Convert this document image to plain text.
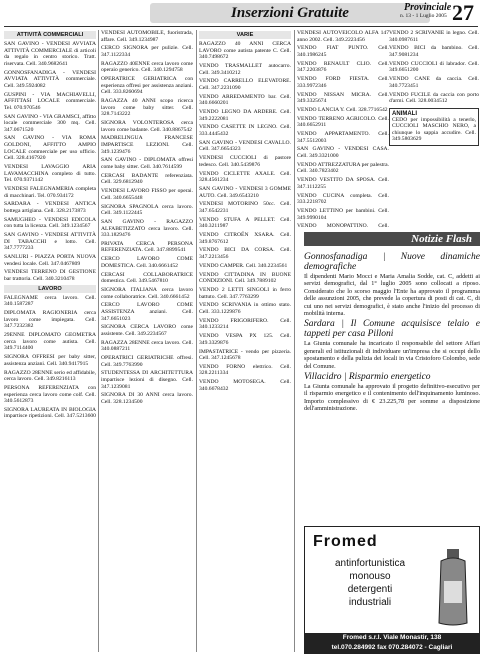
Inserzioni Gratuite	Provinciale
n. 13 - 1 Luglio 2005 27
ATTIVITÀ COMMERCIALI
SAN GAVINO - VENDESI AVVIATA ATTIVITÀ COMMERCIALE di articoli da regalo in centro storico. Tratt. riservata. Cell. 340.9682641
GONNOSFANADIGA - VENDESI AVVIATA ATTIVITÀ commerciale. Cell. 349.5924082
GUSPINI - VIA MACHIAVELLI, AFFITTASI LOCALE commerciale. Tel. 070.970546
SAN GAVINO - VIA GRAMSCI, affitto locale commerciale 300 mq. Cell. 347.0671520
SAN GAVINO - VIA ROMA GOLDONI, AFFITTO AMPIO LOCALE commerciale per uso ufficio. Cell. 328.4167920
VENDESI LAVAGGIO ARIA LAVAMACCHINA completo di tutto. Tel. 070.9371142
VENDESI FALEGNAMERIA completa di macchinari. Tel. 070.934172
SARDARA - VENDESI ANTICA bottega artigiana. Cell. 328.2173873
SAMUGHEO - VENDESI EDICOLA con tutta la licenza. Cell. 349.1234567
SAN GAVINO - VENDESI ATTIVITÀ DI TABACCHI e lotto. Cell. 347.7777233
SANLURI - PIAZZA PORTA NUOVA vendesi locale. Cell. 347.0467809
VENDESI TERRENO DI GESTIONE bar trattoria. Cell. 340.3210478
LAVORO
FALEGNAME cerca lavoro. Cell. 340.1587287
DIPLOMATA RAGIONERIA cerca lavoro come impiegata. Cell. 347.7232382
29ENNE DIPLOMATO GEOMETRA cerca lavoro come autista. Cell. 349.7114400
SIGNORA OFFRESI per baby sitter, assistenza anziani. Cell. 340.9417915
RAGAZZO 28ENNE serio ed affidabile, cerca lavoro. Cell. 349.8216113
PERSONA REFERENZIATA con esperienza cerca lavoro come colf. Cell. 340.5612873
SIGNORA LAUREATA IN BIOLOGIA impartisce ripetizioni. Cell. 347.5213600
VENDESI AUTOMOBILE, fuoristrada, affare. Cell. 349.1234987
CERCO SIGNORA per pulizie. Cell. 347.1122334
RAGAZZO 40ENNE cerca lavoro come operaio generico. Cell. 340.1294758
OPERATRICE GERIATRICA con esperienza offresi per assistenza anziani. Cell. 333.8260694
RAGAZZA 40 ANNI scopo ricerca lavoro come baby sitter. Cell. 328.7143222
SIGNORA VOLONTEROSA cerca lavoro come badante. Cell. 340.8867542
MADRELINGUA FRANCESE IMPARTISCE LEZIONI. Cell. 349.1239476
SAN GAVINO - DIPLOMATA offresi come baby sitter. Cell. 340.7614599
CERCASI BADANTE referenziata. Cell. 329.6812940
VENDESI LAVORO FISSO per operai. Cell. 340.6655448
SIGNORA SPAGNOLA cerca lavoro. Cell. 349.1122445
SAN GAVINO - RAGAZZO ALFABETIZZATO cerca lavoro. Cell. 333.1829476
PRIVATA CERCA PERSONA REFERENZIATA. Cell. 347.8899541
CERCO LAVORO COME DOMESTICA. Cell. 340.6661452
CERCASI COLLABORATRICE domestica. Cell. 349.5467810
SIGNORA ITALIANA cerca lavoro come collaboratrice. Cell. 340.6661452
CERCO LAVORO COME ASSISTENZA anziani. Cell. 347.6651023
SIGNORA CERCA LAVORO come assistente. Cell. 349.2234567
RAGAZZA 28ENNE cerca lavoro. Cell. 340.0887211
OPERATRICI GERIATRICHE offresi. Cell. 349.7763990
STUDENTESSA DI ARCHITETTURA impartisce lezioni di disegno. Cell. 347.1239081
SIGNORA DI 30 ANNI cerca lavoro. Cell. 328.1234500
VARIE
RAGAZZO 40 ANNI CERCA LAVORO come autista patente C. Cell. 340.7498672
VENDO TRASMALLET autocarro. Cell. 349.3410212
VENDO CARRELLO ELEVATORE. Cell. 347.2231090
VENDO ARREDAMENTO bar. Cell. 340.6660201
VENDO LEGNO DA ARDERE. Cell. 349.2222081
VENDO CASETTE IN LEGNO. Cell. 333.4445432
SAN GAVINO - VENDESI CAVALLO. Cell. 347.6654323
VENDESI CUCCIOLI di pastore tedesco. Cell. 340.5439876
VENDO CICLETTE AXALE. Cell. 328.4561234
SAN GAVINO - VENDESI 3 GOMME AUTO. Cell. 349.6543210
VENDESI MOTORINO 50cc. Cell. 347.6542231
VENDO STUFA A PELLET. Cell. 340.3211987
VENDO CITROËN XSARA. Cell. 349.8767612
VENDO BICI DA CORSA. Cell. 347.2213456
VENDO CAMPER. Cell. 340.2234561
VENDO CITTADINA IN BUONE CONDIZIONI. Cell. 349.7889102
VENDO 2 LETTI SINGOLI in ferro battuto. Cell. 347.7763299
VENDO SCRIVANIA in ottimo stato. Cell. 333.1229876
VENDO FRIGORIFERO. Cell. 340.1233214
VENDO VESPA PX 125. Cell. 349.3329876
IMPASTATRICE - vendo per pizzeria. Cell. 347.1245678
VENDO FORNO elettrico. Cell. 328.2211334
VENDO MOTOSEGA. Cell. 340.6678432
VENDESI AUTOVEICOLO ALFA 147 anno 2002. Cell. 349.2223456
VENDO FIAT PUNTO. Cell. 340.1986245
VENDO RENAULT CLIO. Cell. 347.2203876
VENDO FORD FIESTA. Cell. 333.9972346
VENDO NISSAN MICRA. Cell. 349.3325674
VENDO LANCIA Y. Cell. 328.7716542
VENDO TERRENO AGRICOLO. Cell. 340.6652911
VENDO APPARTAMENTO. Cell. 347.5512003
SAN GAVINO - VENDESI CASA. Cell. 349.3321000
VENDO ATTREZZATURA per palestra. Cell. 340.7823402
VENDO VESTITO DA SPOSA. Cell. 347.1112255
VENDO CUCINA completa. Cell. 333.2218702
VENDO LETTINO per bambini. Cell. 349.9990104
VENDO MONOPATTINO. Cell.
VENDO 2 SCRIVANIE in legno. Cell. 340.0987611
VENDO BICI da bambino. Cell. 347.9081234
VENDO CUCCIOLI di labrador. Cell. 349.6651200
VENDO CANE da caccia. Cell. 340.7723451
VENDO FUCILE da caccia con porto d'armi. Cell. 328.0034512
ANIMALI
CEDO per impossibilità a tenerlo, CUCCIOLI MASCHIO NERO, a chiunque lo sappia accudire. Cell. 349.5803629
Notizie Flash
Gonnosfanadiga | Nuove dinamiche demografiche

Il dipendenti Mario Mocci e Maria Amalia Sodde, cat. C, addetti ai servizi demografici, dal 1° luglio 2005 sono collocati a riposo. Considerato che lo scorso maggio l'Ente ha approvato il programma delle assunzioni 2005, che prevede la copertura di posti di cat. C, di cui uno nei servizi demografici, è stato anche l'inizio del processo di mobilità interna.

Sardara | Il Comune acquisisce telaio e tappeti per casa Pilloni

La Giunta comunale ha incaricato il responsabile del settore Affari generali ed istituzionali di individuare un'impresa che si occupi dello spostamento e della pulizia dei locali in via Cristoforo Colombo, sede del Comune.

Villacidro | Risparmio energetico

La Giunta comunale ha approvato il progetto definitivo-esecutivo per il risparmio energetico e il contenimento dell'inquinamento luminoso. Importo complessivo di € 23.225,78 per somme a disposizione dell'amministrazione.

Fromed
antinfortunistica
monouso
detergenti
industriali
Fromed s.r.l. Viale Monastir, 138
tel.070.284992 fax 070.284072 - Cagliari
